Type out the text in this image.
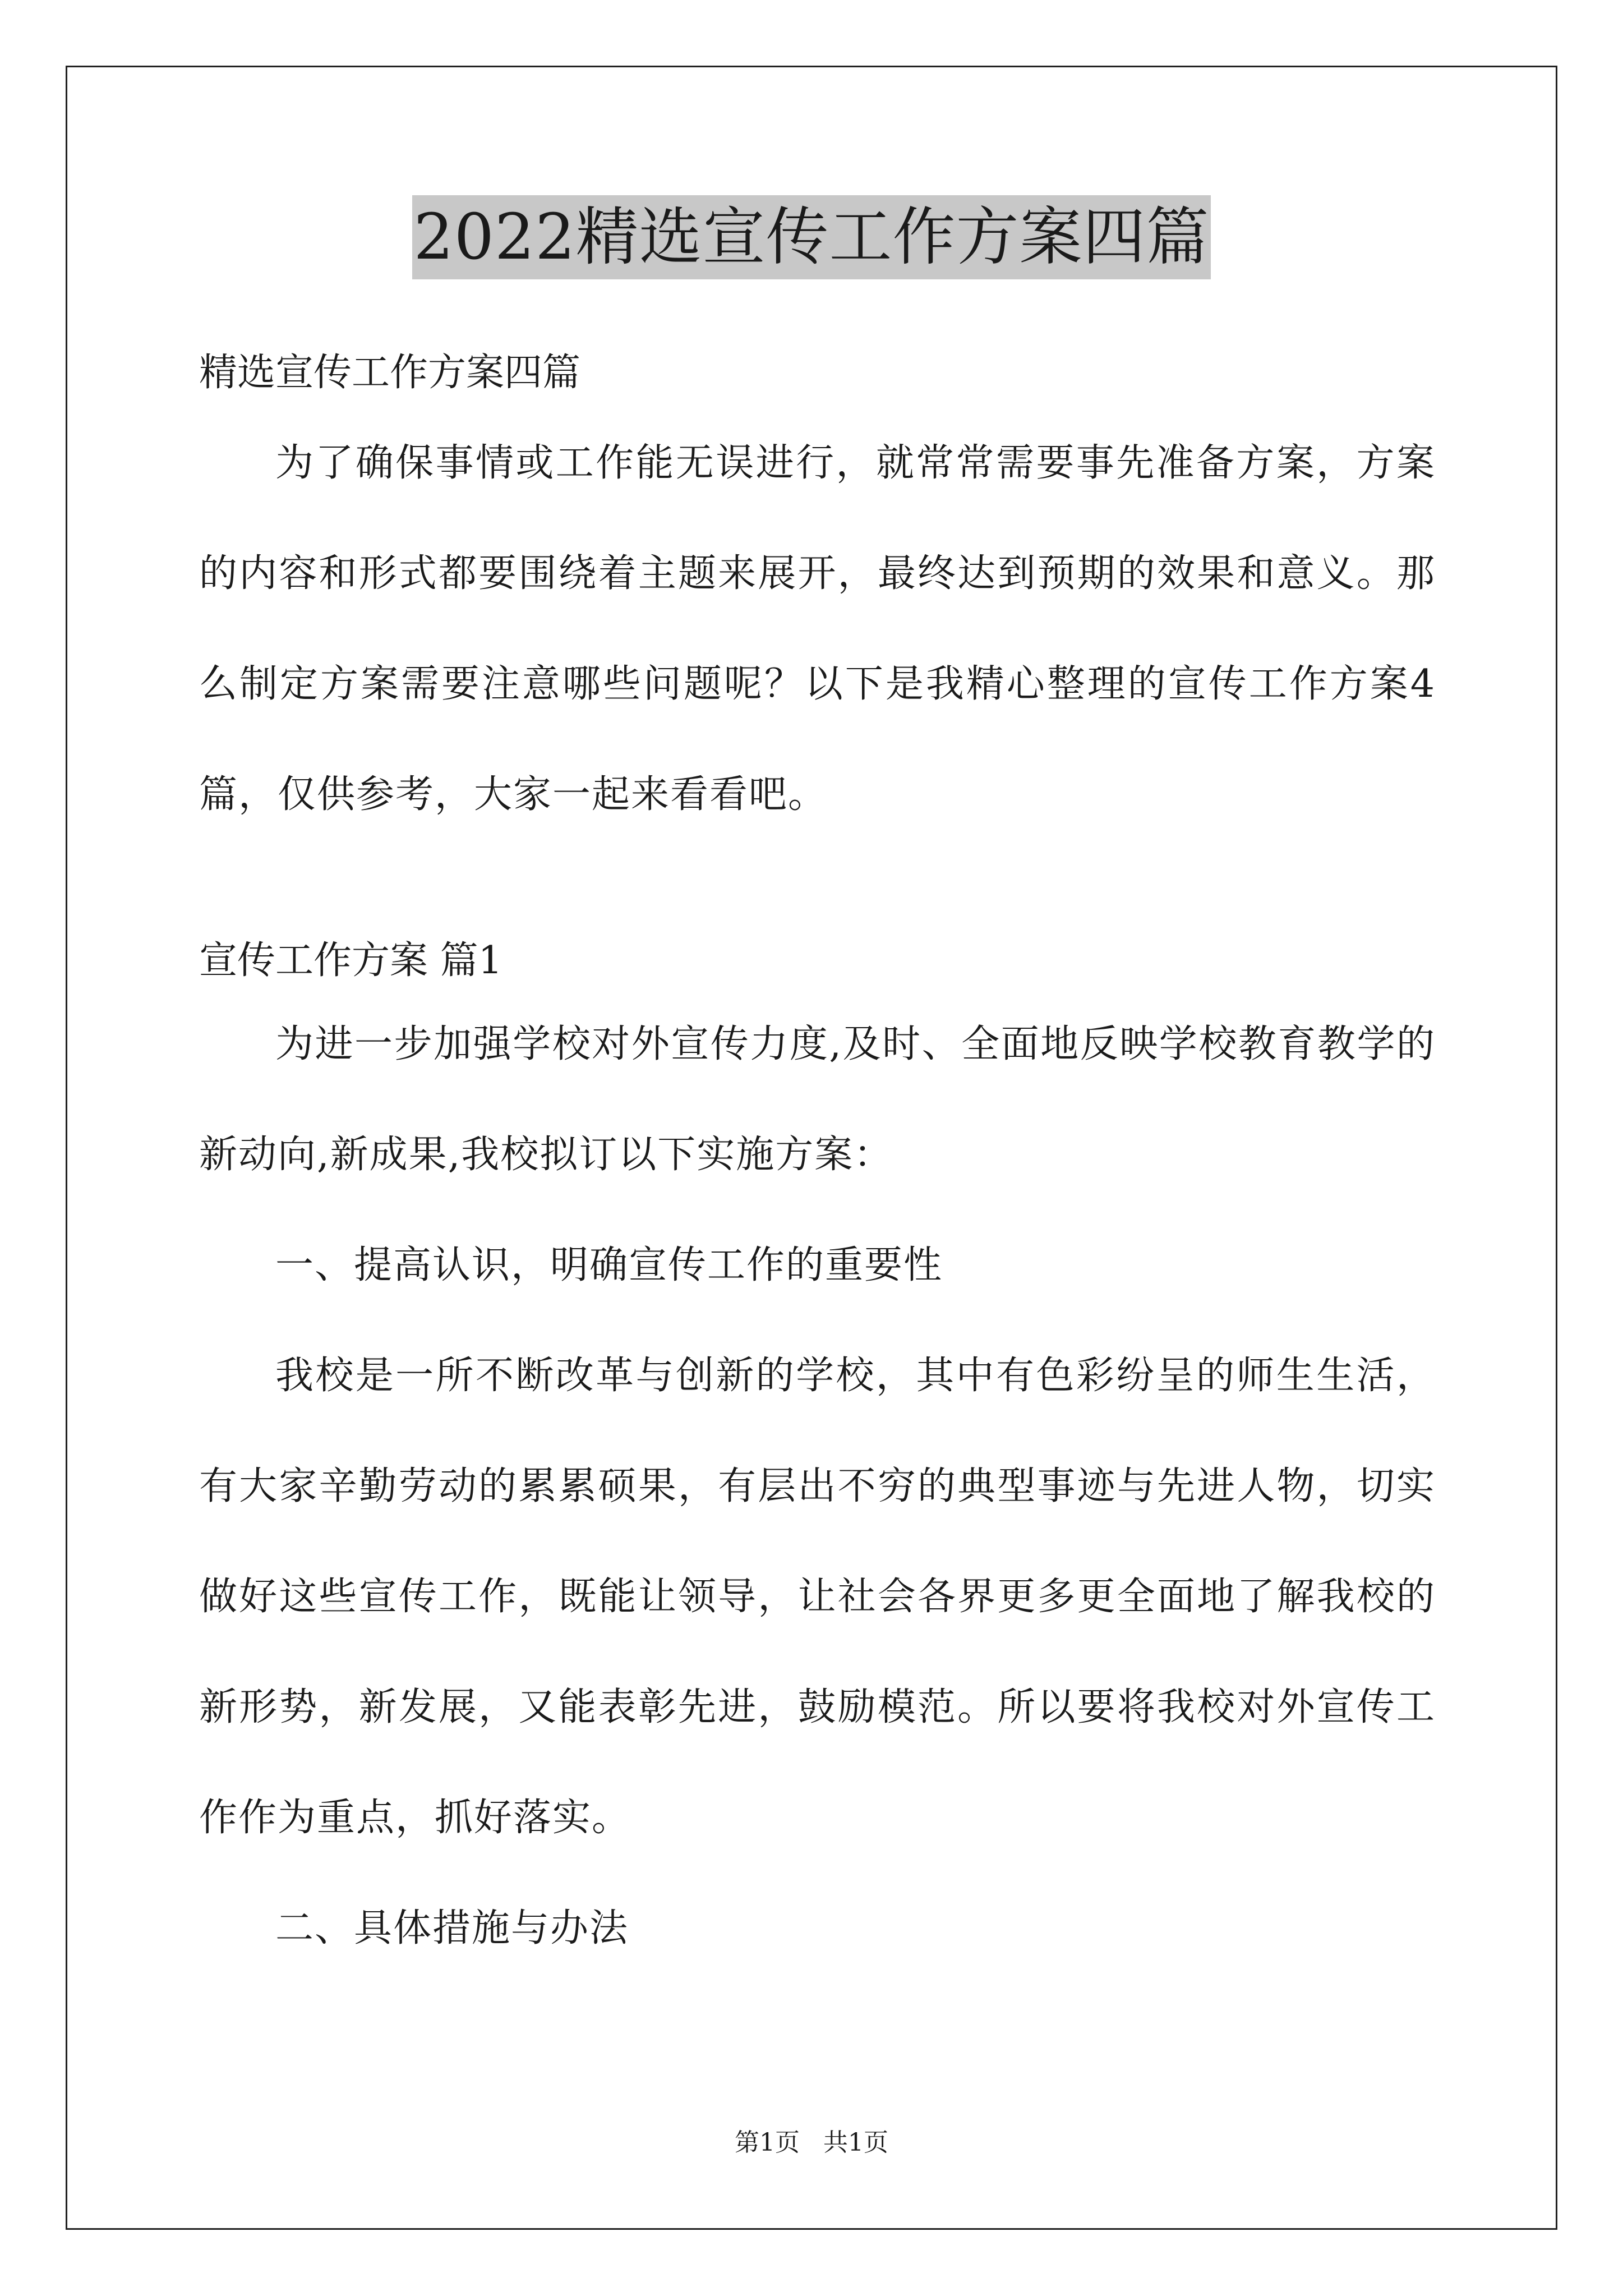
2022精选宣传工作方案四篇
精选宣传工作方案四篇

为了确保事情或工作能无误进行，就常常需要事先准备方案，方案的内容和形式都要围绕着主题来展开，最终达到预期的效果和意义。那么制定方案需要注意哪些问题呢？以下是我精心整理的宣传工作方案4篇，仅供参考，大家一起来看看吧。

宣传工作方案 篇1

为进一步加强学校对外宣传力度,及时、全面地反映学校教育教学的新动向,新成果,我校拟订以下实施方案：

一、提高认识，明确宣传工作的重要性

我校是一所不断改革与创新的学校，其中有色彩纷呈的师生生活，有大家辛勤劳动的累累硕果，有层出不穷的典型事迹与先进人物，切实做好这些宣传工作，既能让领导，让社会各界更多更全面地了解我校的新形势，新发展，又能表彰先进，鼓励模范。所以要将我校对外宣传工作作为重点，抓好落实。

二、具体措施与办法

第1页 共1页
